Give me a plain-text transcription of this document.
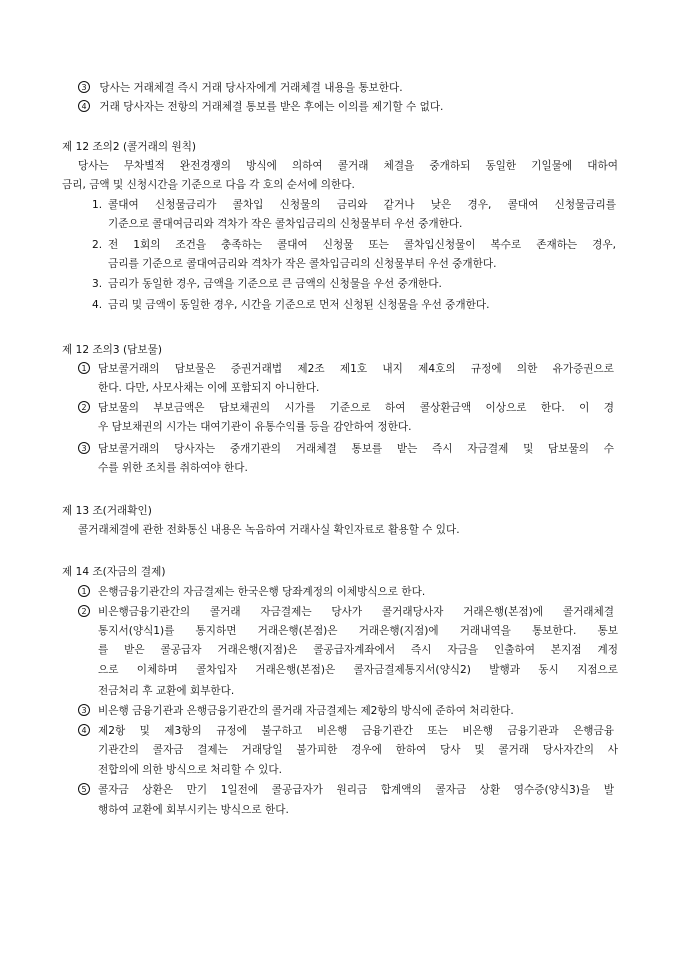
3 당사는 거래체결 즉시 거래 당사자에게 거래체결 내용을 통보한다.
4 거래 당사자는 전항의 거래체결 통보를 받은 후에는 이의를 제기할 수 없다.
제 12 조의2 (콜거래의 원칙)
당사는 무차별적 완전경쟁의 방식에 의하여 콜거래 체결을 중개하되 동일한 기일물에 대하여
금리, 금액 및 신청시간을 기준으로 다음 각 호의 순서에 의한다.
1. 콜대여 신청물금리가 콜차입 신청물의 금리와 같거나 낮은 경우, 콜대여 신청물금리를
기준으로 콜대여금리와 격차가 작은 콜차입금리의 신청물부터 우선 중개한다.
2. 전 1회의 조건을 충족하는 콜대여 신청물 또는 콜차입신청물이 복수로 존재하는 경우,
금리를 기준으로 콜대여금리와 격차가 작은 콜차입금리의 신청물부터 우선 중개한다.
3. 금리가 동일한 경우, 금액을 기준으로 큰 금액의 신청물을 우선 중개한다.
4. 금리 및 금액이 동일한 경우, 시간을 기준으로 먼저 신청된 신청물을 우선 중개한다.
제 12 조의3 (담보물)
1 담보콜거래의 담보물은 증권거래법 제2조 제1호 내지 제4호의 규정에 의한 유가증권으로
한다. 다만, 사모사채는 이에 포함되지 아니한다.
2 담보물의 부보금액은 담보채권의 시가를 기준으로 하여 콜상환금액 이상으로 한다. 이 경
우 담보채권의 시가는 대여기관이 유통수익률 등을 감안하여 정한다.
3 담보콜거래의 당사자는 중개기관의 거래체결 통보를 받는 즉시 자금결제 및 담보물의 수
수를 위한 조치를 취하여야 한다.
제 13 조(거래확인)
콜거래체결에 관한 전화통신 내용은 녹음하여 거래사실 확인자료로 활용할 수 있다.
제 14 조(자금의 결제)
1 은행금융기관간의 자금결제는 한국은행 당좌계정의 이체방식으로 한다.
2 비은행금융기관간의 콜거래 자금결제는 당사가 콜거래당사자 거래은행(본점)에 콜거래체결
통지서(양식1)를 통지하면 거래은행(본점)은 거래은행(지점)에 거래내역을 통보한다. 통보
를 받은 콜공급자 거래은행(지점)은 콜공급자계좌에서 즉시 자금을 인출하여 본지점 계정
으로 이체하며 콜차입자 거래은행(본점)은 콜자금결제통지서(양식2) 발행과 동시 지점으로
전금처리 후 교환에 회부한다.
3 비은행 금융기관과 은행금융기관간의 콜거래 자금결제는 제2항의 방식에 준하여 처리한다.
4 제2항 및 제3항의 규정에 불구하고 비은행 금융기관간 또는 비은행 금융기관과 은행금융
기관간의 콜자금 결제는 거래당일 불가피한 경우에 한하여 당사 및 콜거래 당사자간의 사
전합의에 의한 방식으로 처리할 수 있다.
5 콜자금 상환은 만기 1일전에 콜공급자가 원리금 합계액의 콜자금 상환 영수증(양식3)을 발
행하여 교환에 회부시키는 방식으로 한다.
